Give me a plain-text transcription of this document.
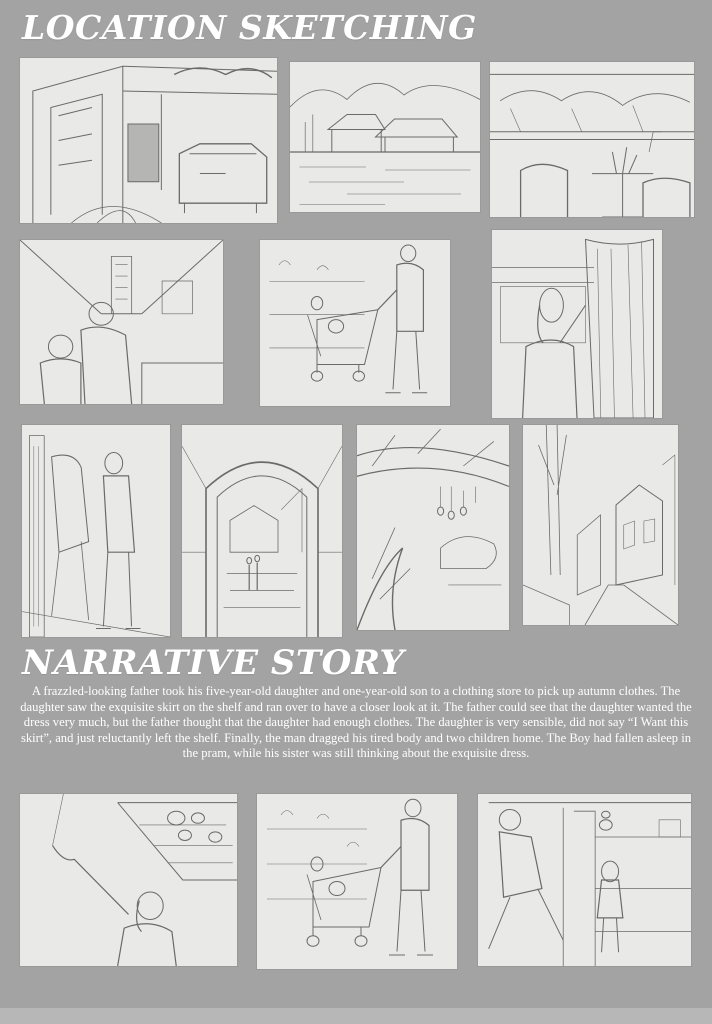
LOCATION SKETCHING
NARRATIVE STORY

A frazzled-looking father took his five-year-old daughter and one-year-old son to a clothing store to pick up autumn clothes. The daughter saw the exquisite skirt on the shelf and ran over to have a closer look at it. The father could see that the daughter wanted the dress very much, but the father thought that the daughter had enough clothes. The daughter is very sensible, did not say “I Want this skirt”, and just reluctantly left the shelf. Finally, the man dragged his tired body and two children home. The Boy had fallen asleep in the pram, while his sister was still thinking about the exquisite dress.
